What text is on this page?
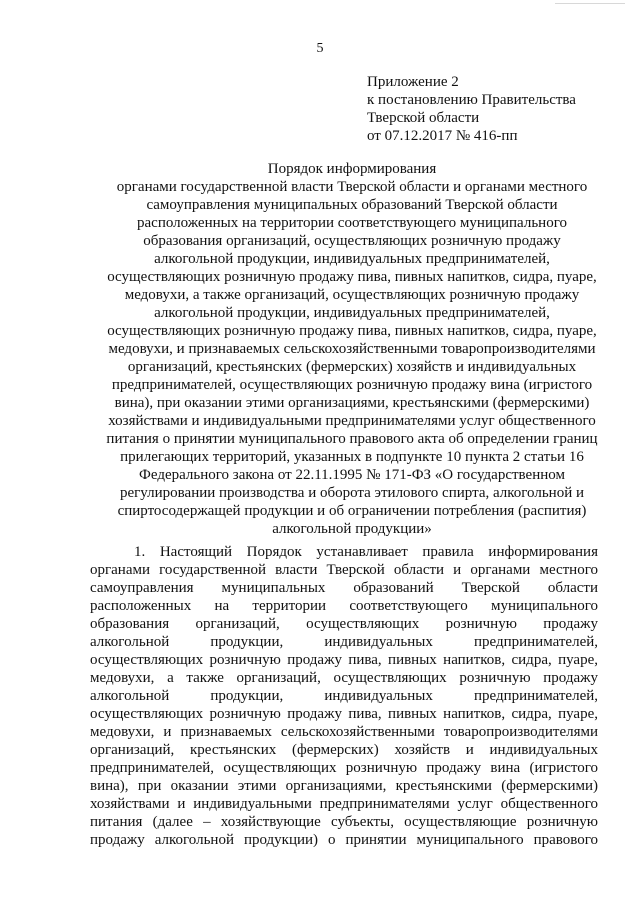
5
Приложение 2
к постановлению Правительства
Тверской области
от 07.12.2017 № 416-пп
Порядок информирования
органами государственной власти Тверской области и органами местного
самоуправления муниципальных образований Тверской области
расположенных на территории соответствующего муниципального
образования организаций, осуществляющих розничную продажу
алкогольной продукции, индивидуальных предпринимателей,
осуществляющих розничную продажу пива, пивных напитков, сидра, пуаре,
медовухи, а также организаций, осуществляющих розничную продажу
алкогольной продукции, индивидуальных предпринимателей,
осуществляющих розничную продажу пива, пивных напитков, сидра, пуаре,
медовухи, и признаваемых сельскохозяйственными товаропроизводителями
организаций, крестьянских (фермерских) хозяйств и индивидуальных
предпринимателей, осуществляющих розничную продажу вина (игристого
вина), при оказании этими организациями, крестьянскими (фермерскими)
хозяйствами и индивидуальными предпринимателями услуг общественного
питания о принятии муниципального правового акта об определении границ
прилегающих территорий, указанных в подпункте 10 пункта 2 статьи 16
Федерального закона от 22.11.1995 № 171-ФЗ «О государственном
регулировании производства и оборота этилового спирта, алкогольной и
спиртосодержащей продукции и об ограничении потребления (распития)
алкогольной продукции»
1. Настоящий Порядок устанавливает правила информирования
органами государственной власти Тверской области и органами местного
самоуправления муниципальных образований Тверской области
расположенных на территории соответствующего муниципального
образования организаций, осуществляющих розничную продажу
алкогольной продукции, индивидуальных предпринимателей,
осуществляющих розничную продажу пива, пивных напитков, сидра, пуаре,
медовухи, а также организаций, осуществляющих розничную продажу
алкогольной продукции, индивидуальных предпринимателей,
осуществляющих розничную продажу пива, пивных напитков, сидра, пуаре,
медовухи, и признаваемых сельскохозяйственными товаропроизводителями
организаций, крестьянских (фермерских) хозяйств и индивидуальных
предпринимателей, осуществляющих розничную продажу вина (игристого
вина), при оказании этими организациями, крестьянскими (фермерскими)
хозяйствами и индивидуальными предпринимателями услуг общественного
питания (далее – хозяйствующие субъекты, осуществляющие розничную
продажу алкогольной продукции) о принятии муниципального правового
